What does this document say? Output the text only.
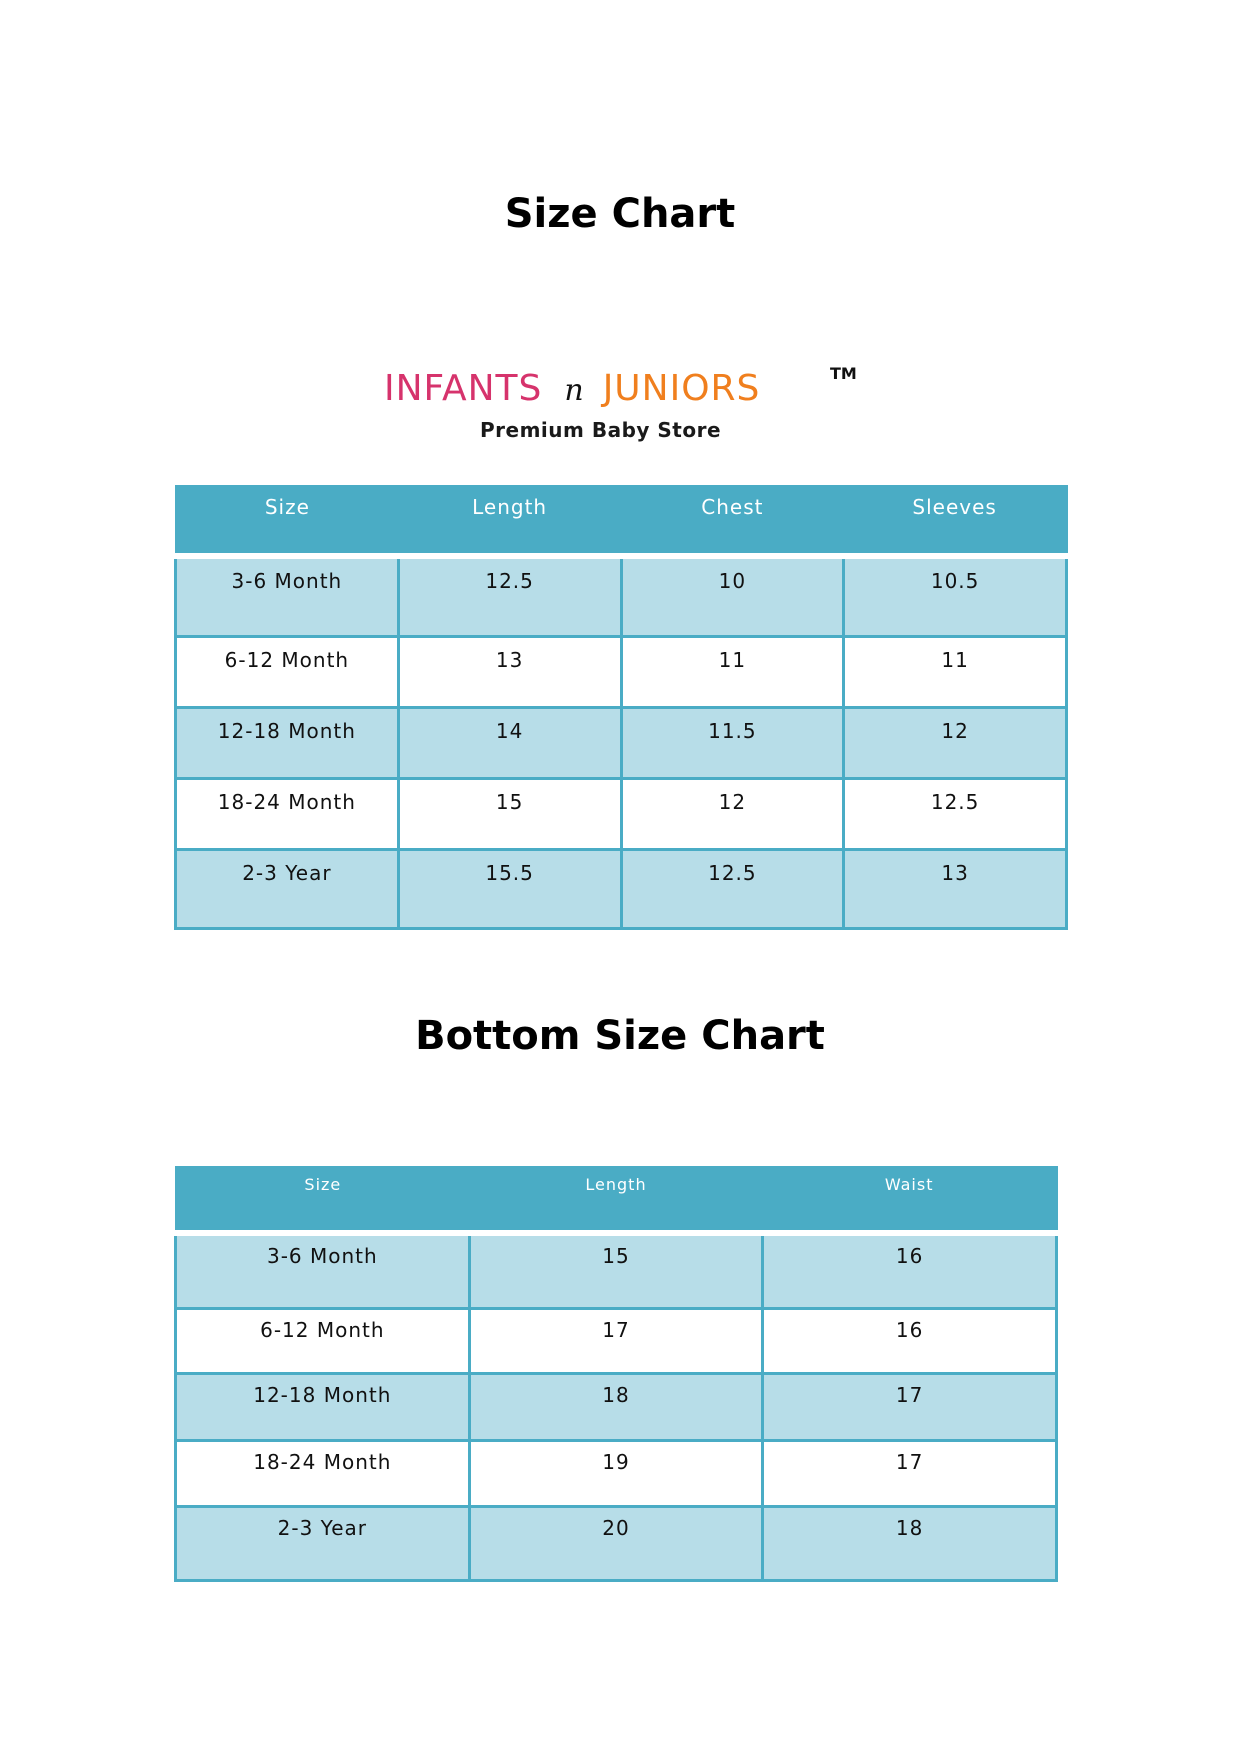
Size Chart
INFANTS n JUNIORS	TM
Premium Baby Store
Size	Length	Chest	Sleeves
3-6 Month	12.5	10	10.5
6-12 Month	13	11	11
12-18 Month	14	11.5	12
18-24 Month	15	12	12.5
2-3 Year	15.5	12.5	13
Bottom Size Chart
Size	Length	Waist
3-6 Month	15	16
6-12 Month	17	16
12-18 Month	18	17
18-24 Month	19	17
2-3 Year	20	18
